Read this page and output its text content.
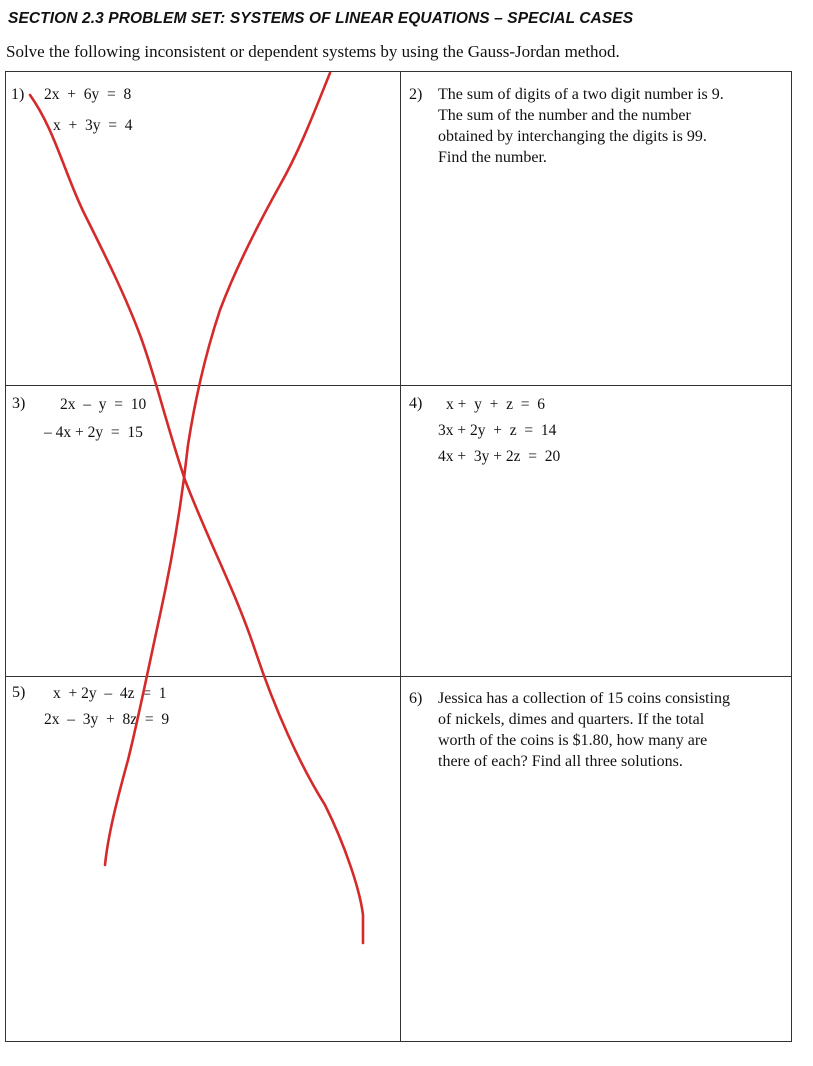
SECTION 2.3 PROBLEM SET: SYSTEMS OF LINEAR EQUATIONS – SPECIAL CASES
Solve the following inconsistent or dependent systems by using the Gauss-Jordan method.
1) 2x  +  6y  =  8
x  +  3y  =  4
2) The sum of digits of a two digit number is 9.
The sum of the number and the number
obtained by interchanging the digits is 99.
Find the number.
3) 2x  –  y  =  10
– 4x + 2y  =  15
4) x +  y  +  z  =  6
3x + 2y  +  z  =  14
4x +  3y + 2z  =  20
5) x  + 2y  –  4z  =  1
2x  –  3y  +  8z  =  9
6) Jessica has a collection of 15 coins consisting
of nickels, dimes and quarters. If the total
worth of the coins is $1.80, how many are
there of each? Find all three solutions.
